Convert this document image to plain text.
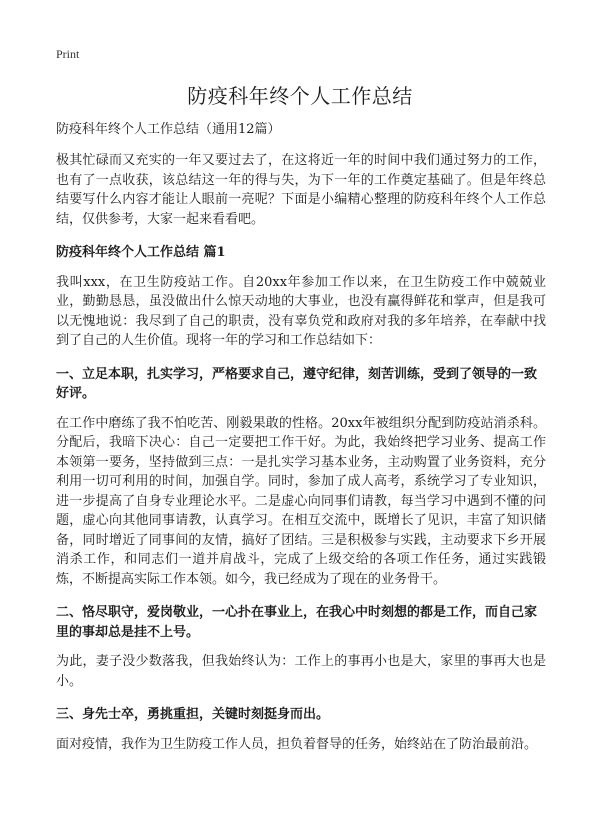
Print
防疫科年终个人工作总结

防疫科年终个人工作总结（通用12篇）

极其忙碌而又充实的一年又要过去了，在这将近一年的时间中我们通过努力的工作，也有了一点收获，该总结这一年的得与失，为下一年的工作奠定基础了。但是年终总结要写什么内容才能让人眼前一亮呢？下面是小编精心整理的防疫科年终个人工作总结，仅供参考，大家一起来看看吧。

防疫科年终个人工作总结 篇1

我叫xxx，在卫生防疫站工作。自20xx年参加工作以来，在卫生防疫工作中兢兢业业，勤勤恳恳，虽没做出什么惊天动地的大事业，也没有赢得鲜花和掌声，但是我可以无愧地说：我尽到了自己的职责，没有辜负党和政府对我的多年培养，在奉献中找到了自己的人生价值。现将一年的学习和工作总结如下：

一、立足本职，扎实学习，严格要求自己，遵守纪律，刻苦训练，受到了领导的一致好评。

在工作中磨练了我不怕吃苦、刚毅果敢的性格。20xx年被组织分配到防疫站消杀科。分配后，我暗下决心：自己一定要把工作干好。为此，我始终把学习业务、提高工作本领第一要务，坚持做到三点：一是扎实学习基本业务，主动购置了业务资料，充分利用一切可利用的时间，加强自学。同时，参加了成人高考，系统学习了专业知识，进一步提高了自身专业理论水平。二是虚心向同事们请教，每当学习中遇到不懂的问题，虚心向其他同事请教，认真学习。在相互交流中，既增长了见识，丰富了知识储备，同时增近了同事间的友情，搞好了团结。三是积极参与实践，主动要求下乡开展消杀工作，和同志们一道并肩战斗，完成了上级交给的各项工作任务，通过实践锻炼，不断提高实际工作本领。如今，我已经成为了现在的业务骨干。

二、恪尽职守，爱岗敬业，一心扑在事业上，在我心中时刻想的都是工作，而自己家里的事却总是挂不上号。

为此，妻子没少数落我，但我始终认为：工作上的事再小也是大，家里的事再大也是小。

三、身先士卒，勇挑重担，关键时刻挺身而出。

面对疫情，我作为卫生防疫工作人员，担负着督导的任务，始终站在了防治最前沿。
